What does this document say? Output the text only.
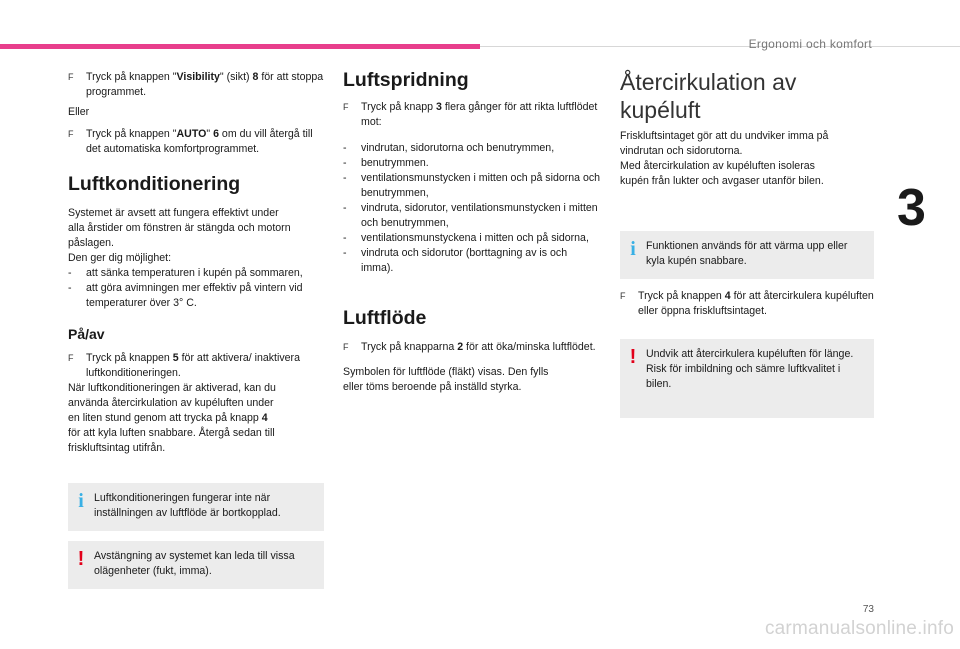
Ergonomi och komfort
3
F	Tryck på knappen "Visibility" (sikt) 8 för att stoppa programmet.

Eller

F	Tryck på knappen "AUTO" 6 om du vill återgå till det automatiska komfortprogrammet.
Luftkonditionering

Systemet är avsett att fungera effektivt under

alla årstider om fönstren är stängda och motorn

påslagen.

Den ger dig möjlighet:

-	att sänka temperaturen i kupén på sommaren,
-	att göra avimningen mer effektiv på vintern vid temperaturer över 3° C.
På/av
F	Tryck på knappen 5 för att aktivera/ inaktivera luftkonditioneringen.

När luftkonditioneringen är aktiverad, kan du

använda återcirkulation av kupéluften under

en liten stund genom att trycka på knapp 4

för att kyla luften snabbare. Återgå sedan till

friskluftsintag utifrån.

i Luftkonditioneringen fungerar inte när inställningen av luftflöde är bortkopplad.
! Avstängning av systemet kan leda till vissa olägenheter (fukt, imma).
Luftspridning
F	Tryck på knapp 3 flera gånger för att rikta luftflödet mot:
-	vindrutan, sidorutorna och benutrymmen,
-	benutrymmen.
-	ventilationsmunstycken i mitten och på sidorna och benutrymmen,
-	vindruta, sidorutor, ventilationsmunstycken i mitten och benutrymmen,
-	ventilationsmunstyckena i mitten och på sidorna,
-	vindruta och sidorutor (borttagning av is och imma).
Luftflöde
F	Tryck på knapparna 2 för att öka/minska luftflödet.

Symbolen för luftflöde (fläkt) visas. Den fylls

eller töms beroende på inställd styrka.

Återcirkulation av kupéluft

Friskluftsintaget gör att du undviker imma på

vindrutan och sidorutorna.

Med återcirkulation av kupéluften isoleras

kupén från lukter och avgaser utanför bilen.

i Funktionen används för att värma upp eller kyla kupén snabbare.
F	Tryck på knappen 4 för att återcirkulera kupéluften eller öppna friskluftsintaget.
! Undvik att återcirkulera kupéluften för länge. Risk för imbildning och sämre luftkvalitet i bilen.
73
carmanualsonline.info
